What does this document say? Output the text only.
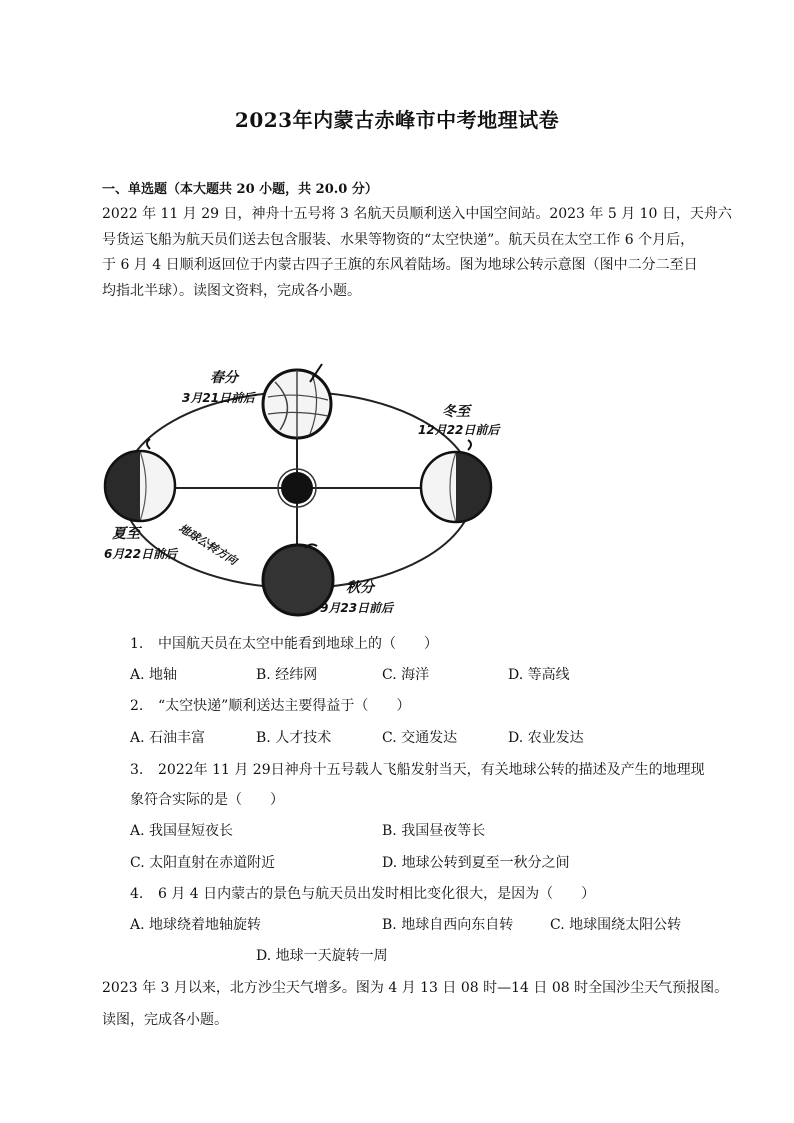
2023年内蒙古赤峰市中考地理试卷
一、单选题（本大题共 20 小题，共 20.0 分）
2022 年 11 月 29 日，神舟十五号将 3 名航天员顺利送入中国空间站。2023 年 5 月 10 日，天舟六
号货运飞船为航天员们送去包含服装、水果等物资的“太空快递”。航天员在太空工作 6 个月后，
于 6 月 4 日顺利返回位于内蒙古四子王旗的东风着陆场。图为地球公转示意图（图中二分二至日
均指北半球）。读图文资料，完成各小题。
地球公转方向
春分
3月21日前后
冬至
12月22日前后
夏至
6月22日前后
秋分
9月23日前后
1. 中国航天员在太空中能看到地球上的（　　）
A. 地轴	B. 经纬网	C. 海洋	D. 等高线
2. “太空快递”顺利送达主要得益于（　　）
A. 石油丰富	B. 人才技术	C. 交通发达	D. 农业发达
3. 2022年 11 月 29日神舟十五号载人飞船发射当天，有关地球公转的描述及产生的地理现
象符合实际的是（　　）
A. 我国昼短夜长	B. 我国昼夜等长
C. 太阳直射在赤道附近	D. 地球公转到夏至一秋分之间
4. 6 月 4 日内蒙古的景色与航天员出发时相比变化很大，是因为（　　）
A. 地球绕着地轴旋转	B. 地球自西向东自转	C. 地球围绕太阳公转
D. 地球一天旋转一周
2023 年 3 月以来，北方沙尘天气增多。图为 4 月 13 日 08 时—14 日 08 时全国沙尘天气预报图。
读图，完成各小题。
